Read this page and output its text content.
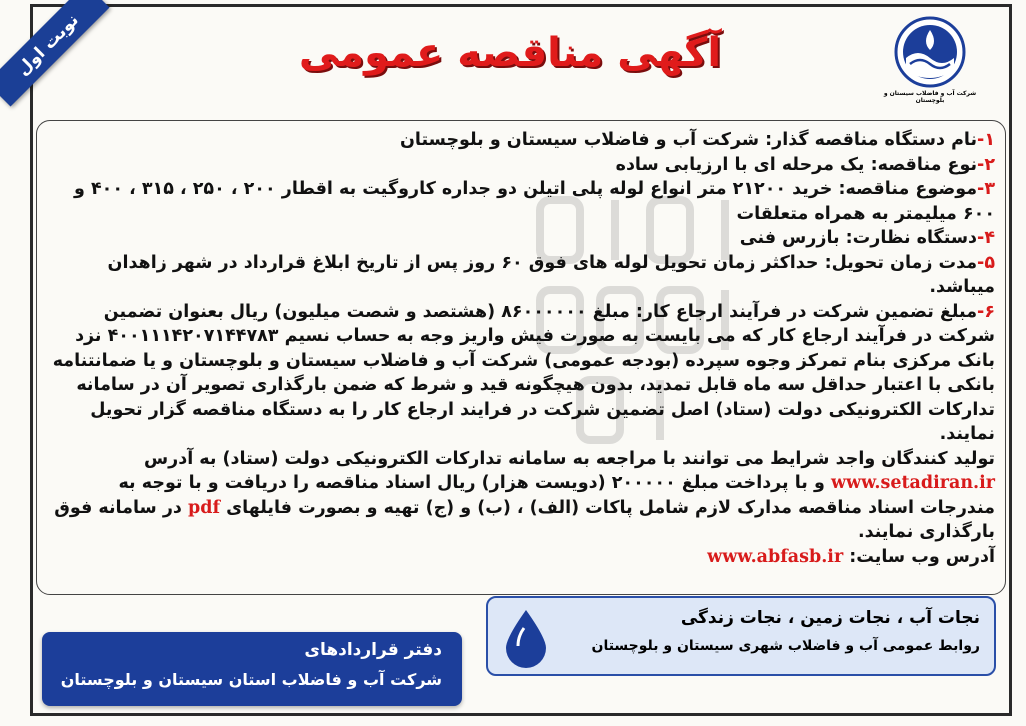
نوبت اول	آگهی مناقصه عمومی
شرکت آب و فاضلاب سیستان و بلوچستان

۱-نام دستگاه مناقصه گذار: شرکت آب و فاضلاب سیستان و بلوچستان

۲-نوع مناقصه: یک مرحله ای با ارزیابی ساده

۳-موضوع مناقصه: خرید ۲۱۲۰۰ متر انواع لوله پلی اتیلن دو جداره کاروگیت به اقطار ۲۰۰ ، ۲۵۰ ، ۳۱۵ ، ۴۰۰ و ۶۰۰ میلیمتر به همراه متعلقات

۴-دستگاه نظارت: بازرس فنی

۵-مدت زمان تحویل: حداکثر زمان تحویل لوله های فوق ۶۰ روز پس از تاریخ ابلاغ قرارداد در شهر زاهدان میباشد.

۶-مبلغ تضمین شرکت در فرآیند ارجاع کار: مبلغ ۸۶۰۰۰۰۰۰ (هشتصد و شصت میلیون) ریال بعنوان تضمین شرکت در فرآیند ارجاع کار که می بایست به صورت فیش واریز وجه به حساب نسیم ۴۰۰۱۱۱۴۲۰۷۱۴۴۷۸۳ نزد بانک مرکزی بنام تمرکز وجوه سپرده (بودجه عمومی) شرکت آب و فاضلاب سیستان و بلوچستان و یا ضمانتنامه بانکی با اعتبار حداقل سه ماه قابل تمدید، بدون هیچگونه قید و شرط که ضمن بارگذاری تصویر آن در سامانه تدارکات الکترونیکی دولت (ستاد) اصل تضمین شرکت در فرایند ارجاع کار را به دستگاه مناقصه گزار تحویل نمایند.

تولید کنندگان واجد شرایط می توانند با مراجعه به سامانه تدارکات الکترونیکی دولت (ستاد) به آدرس www.setadiran.ir و با پرداخت مبلغ ۲۰۰۰۰۰ (دویست هزار) ریال اسناد مناقصه را دریافت و با توجه به مندرجات اسناد مناقصه مدارک لازم شامل پاکات (الف) ، (ب) و (ج) تهیه و بصورت فایلهای pdf در سامانه فوق بارگذاری نمایند.

آدرس وب سایت: www.abfasb.ir

نجات آب ، نجات زمین ، نجات زندگی
روابط عمومی آب و فاضلاب شهری سیستان و بلوچستان
دفتر قراردادهای
شرکت آب و فاضلاب استان سیستان و بلوچستان
